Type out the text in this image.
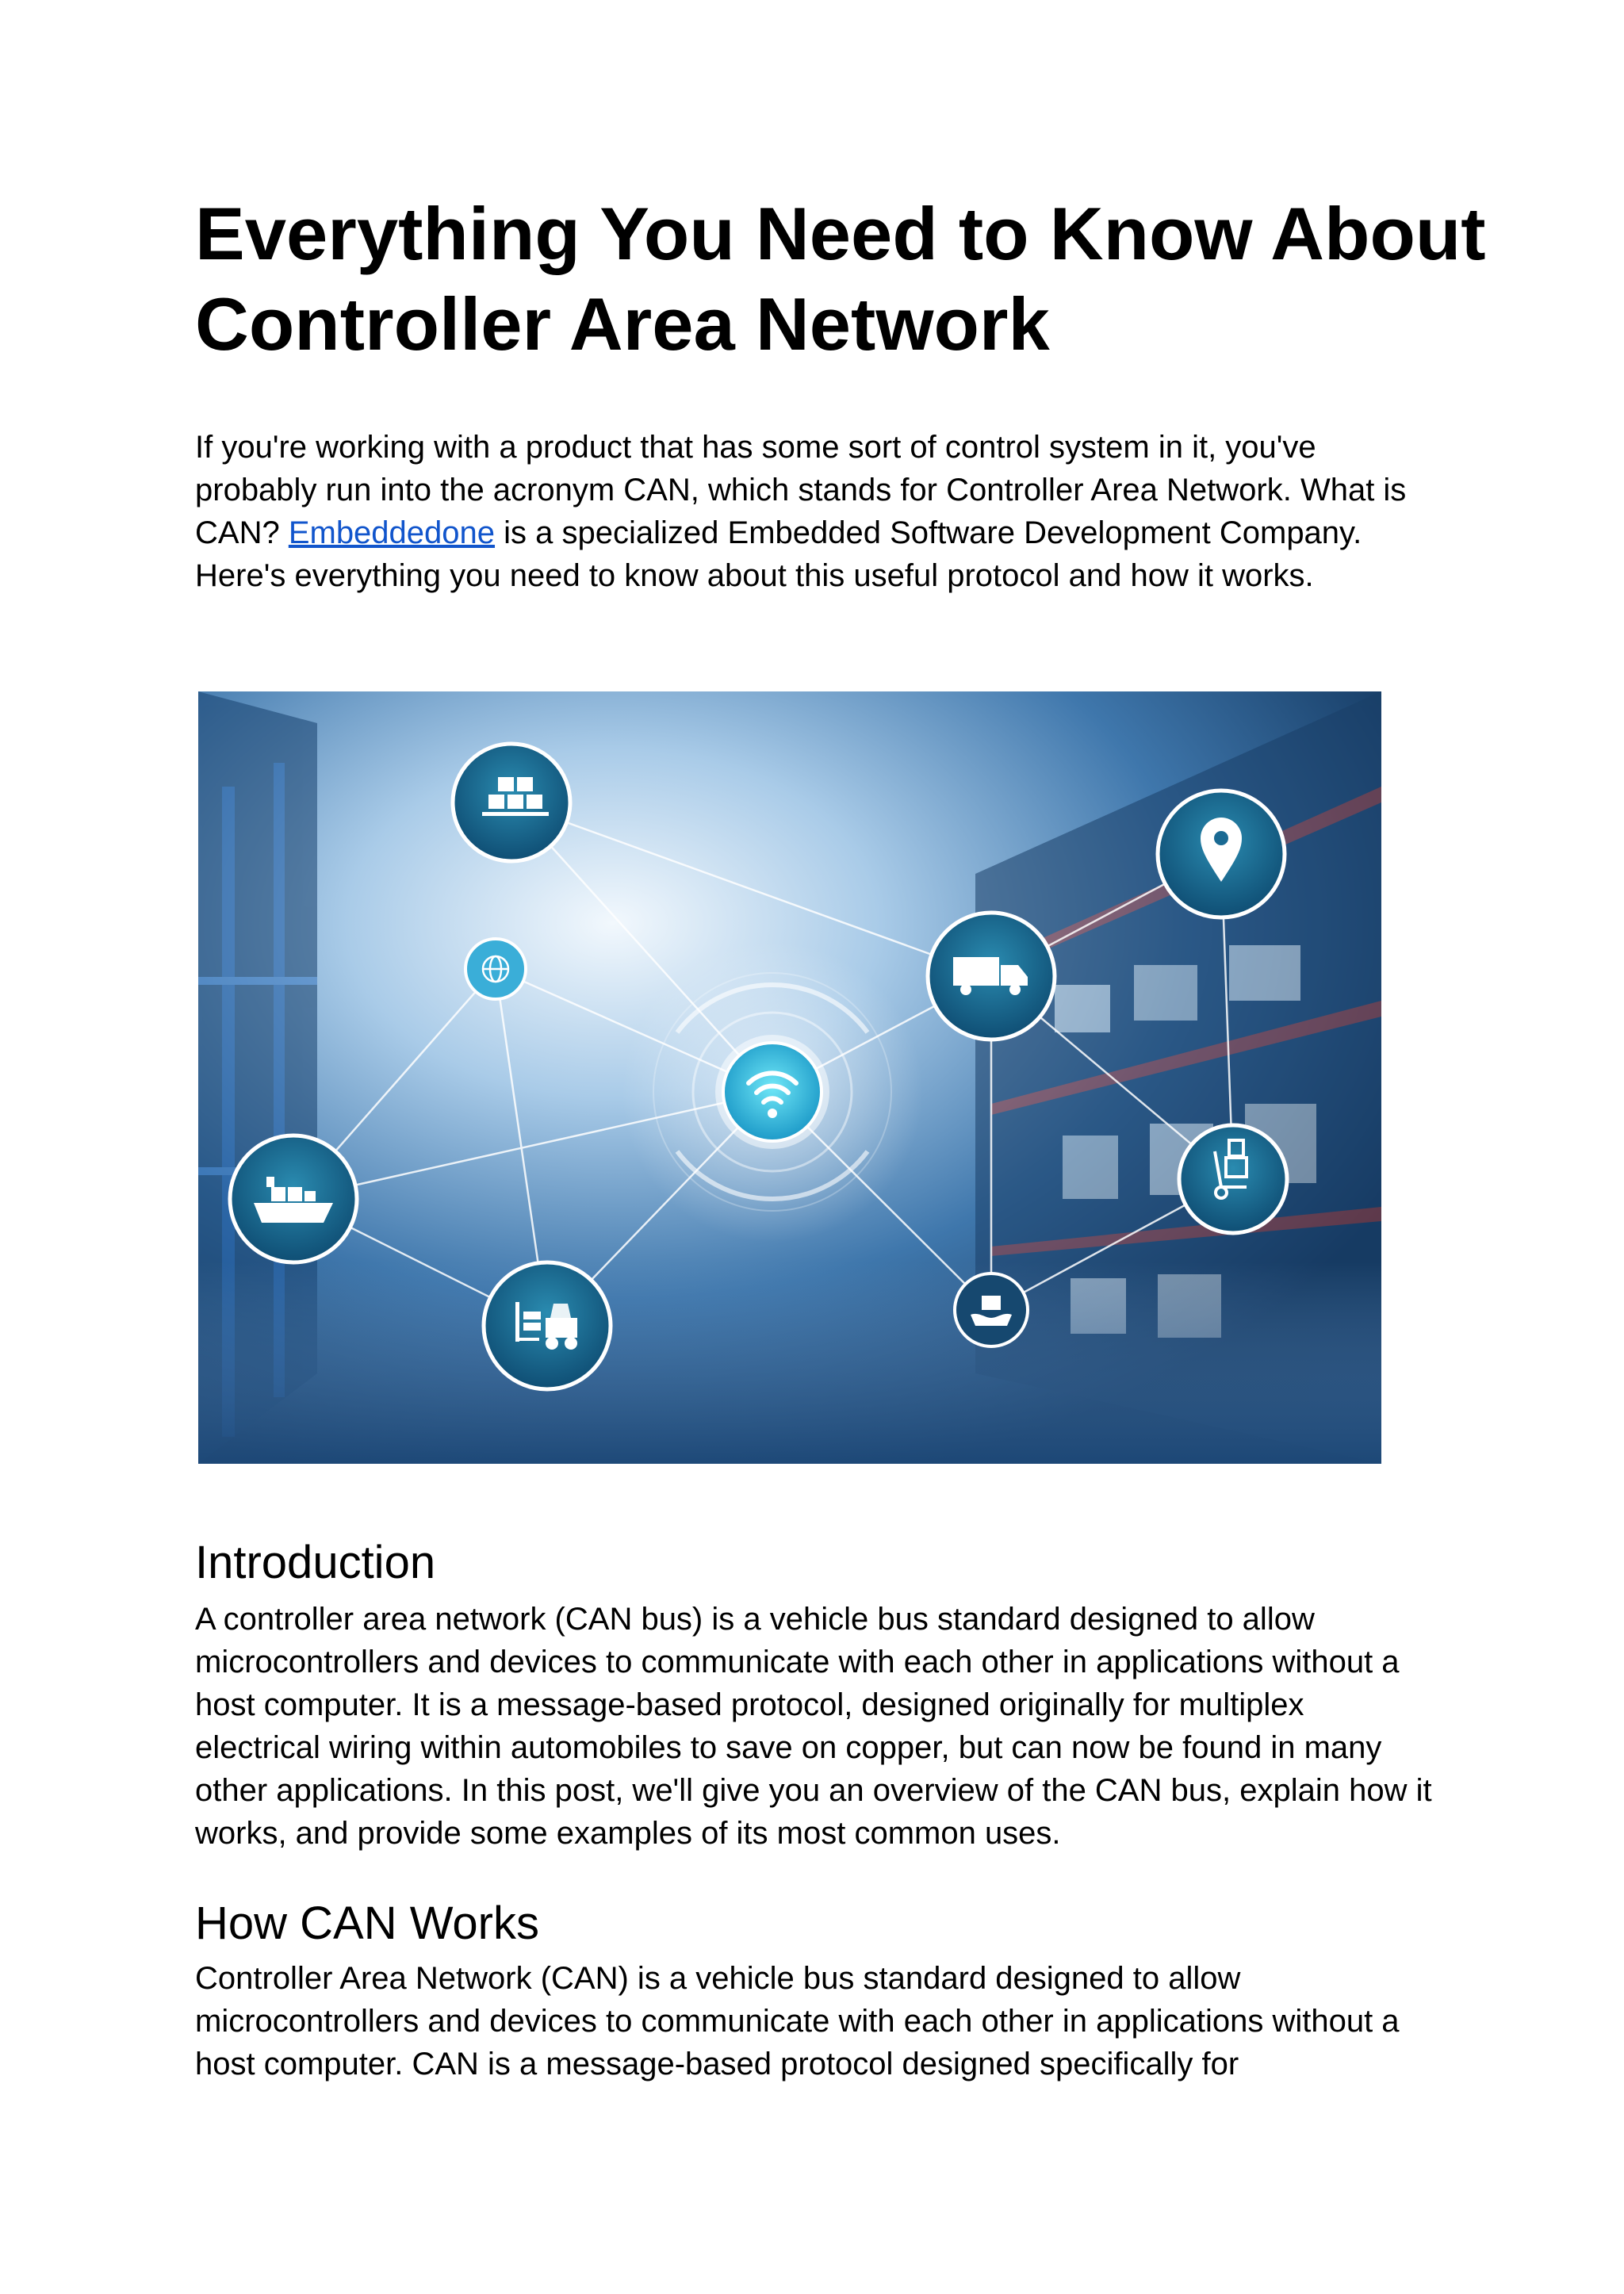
Everything You Need to Know About Controller Area Network

If you're working with a product that has some sort of control system in it, you've probably run into the acronym CAN, which stands for Controller Area Network. What is CAN? Embeddedone is a specialized Embedded Software Development Company. Here's everything you need to know about this useful protocol and how it works.

Introduction

A controller area network (CAN bus) is a vehicle bus standard designed to allow microcontrollers and devices to communicate with each other in applications without a host computer. It is a message-based protocol, designed originally for multiplex electrical wiring within automobiles to save on copper, but can now be found in many other applications. In this post, we'll give you an overview of the CAN bus, explain how it works, and provide some examples of its most common uses.

How CAN Works

Controller Area Network (CAN) is a vehicle bus standard designed to allow microcontrollers and devices to communicate with each other in applications without a host computer. CAN is a message-based protocol designed specifically for
